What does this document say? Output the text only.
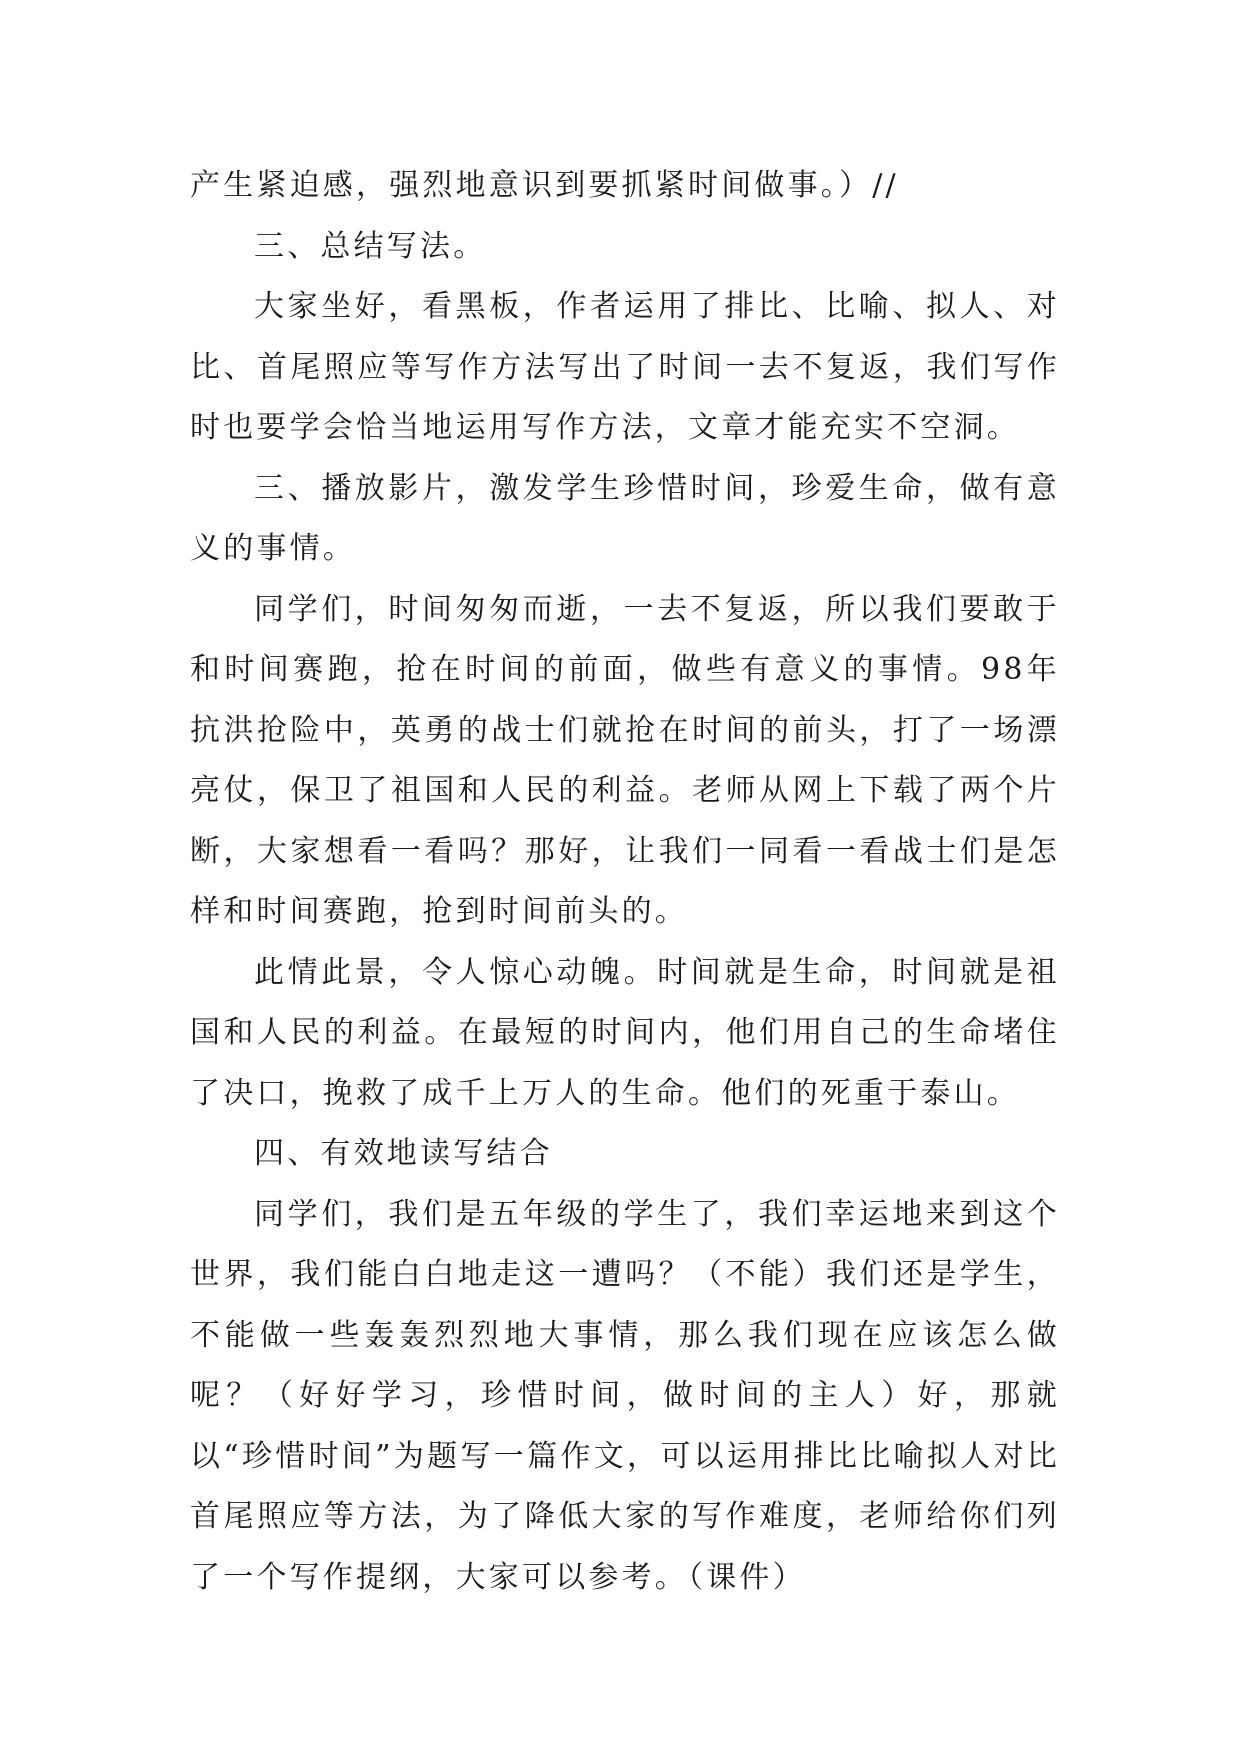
产生紧迫感，强烈地意识到要抓紧时间做事。）//

三、总结写法。

大家坐好，看黑板，作者运用了排比、比喻、拟人、对比、首尾照应等写作方法写出了时间一去不复返，我们写作时也要学会恰当地运用写作方法，文章才能充实不空洞。

三、播放影片，激发学生珍惜时间，珍爱生命，做有意义的事情。

同学们，时间匆匆而逝，一去不复返，所以我们要敢于和时间赛跑，抢在时间的前面，做些有意义的事情。98年抗洪抢险中，英勇的战士们就抢在时间的前头，打了一场漂亮仗，保卫了祖国和人民的利益。老师从网上下载了两个片断，大家想看一看吗？那好，让我们一同看一看战士们是怎样和时间赛跑，抢到时间前头的。

此情此景，令人惊心动魄。时间就是生命，时间就是祖国和人民的利益。在最短的时间内，他们用自己的生命堵住了决口，挽救了成千上万人的生命。他们的死重于泰山。

四、有效地读写结合

同学们，我们是五年级的学生了，我们幸运地来到这个世界，我们能白白地走这一遭吗？（不能）我们还是学生，不能做一些轰轰烈烈地大事情，那么我们现在应该怎么做呢？（好好学习，珍惜时间，做时间的主人）好，那就以“珍惜时间”为题写一篇作文，可以运用排比比喻拟人对比首尾照应等方法，为了降低大家的写作难度，老师给你们列了一个写作提纲，大家可以参考。（课件）
